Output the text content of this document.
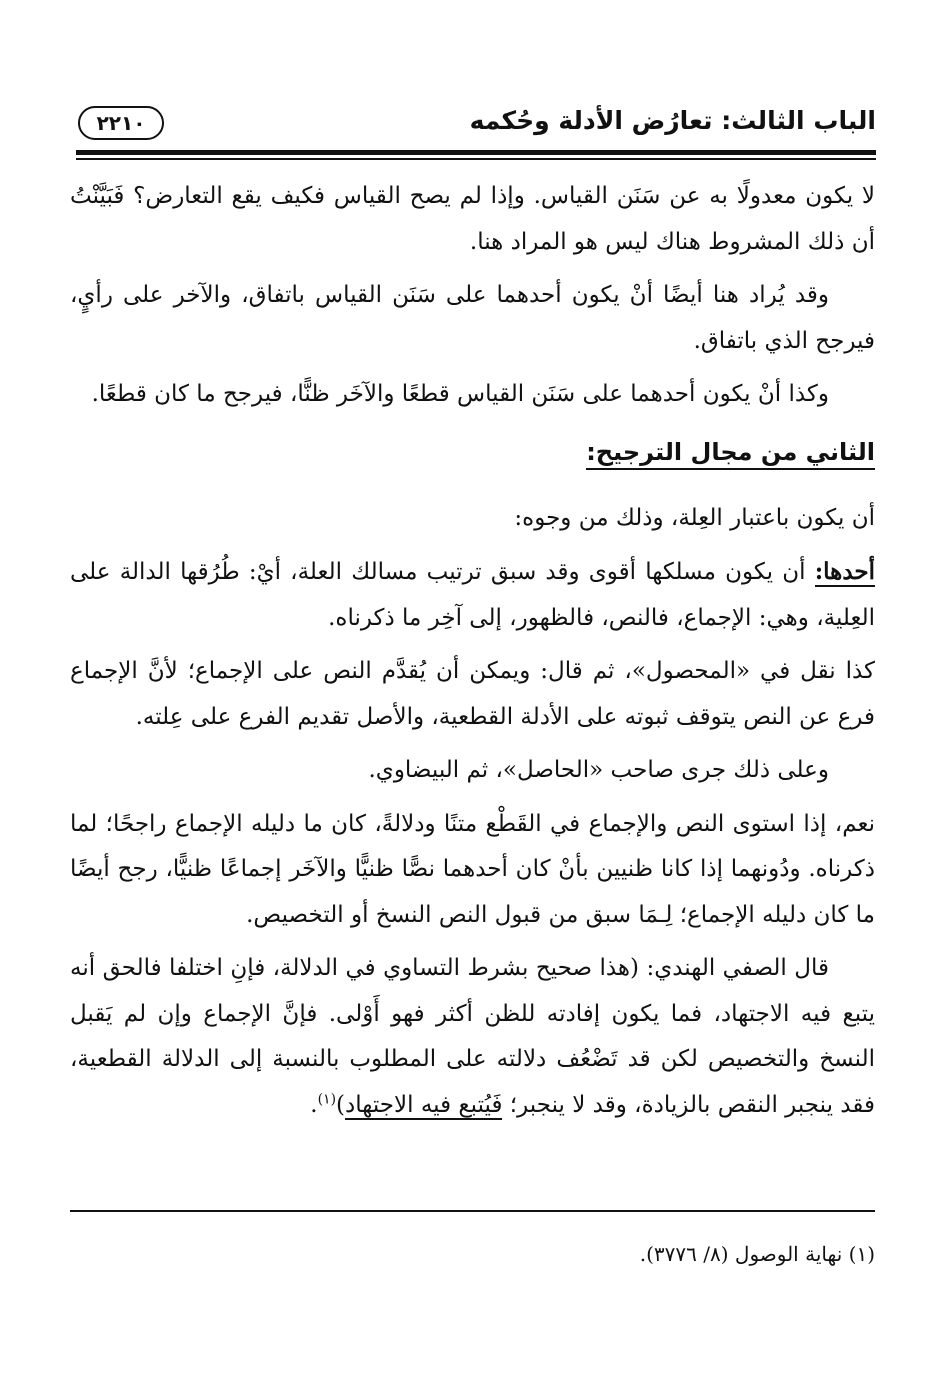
الباب الثالث: تعارُض الأدلة وحُكمه
٢٢١٠

لا يكون معدولًا به عن سَنَن القياس. وإذا لم يصح القياس فكيف يقع التعارض؟ فَبَيَّنْتُ أن ذلك المشروط هناك ليس هو المراد هنا.

وقد يُراد هنا أيضًا أنْ يكون أحدهما على سَنَن القياس باتفاق، والآخر على رأيٍ، فيرجح الذي باتفاق.

وكذا أنْ يكون أحدهما على سَنَن القياس قطعًا والآخَر ظنًّا، فيرجح ما كان قطعًا.

الثاني من مجال الترجيح:

أن يكون باعتبار العِلة، وذلك من وجوه:

أحدها: أن يكون مسلكها أقوى وقد سبق ترتيب مسالك العلة، أيْ: طُرُقها الدالة على العِلية، وهي: الإجماع، فالنص، فالظهور، إلى آخِر ما ذكرناه.

كذا نقل في «المحصول»، ثم قال: ويمكن أن يُقدَّم النص على الإجماع؛ لأنَّ الإجماع فرع عن النص يتوقف ثبوته على الأدلة القطعية، والأصل تقديم الفرع على عِلته.

وعلى ذلك جرى صاحب «الحاصل»، ثم البيضاوي.

نعم، إذا استوى النص والإجماع في القَطْع متنًا ودلالةً، كان ما دليله الإجماع راجحًا؛ لما ذكرناه. ودُونهما إذا كانا ظنيين بأنْ كان أحدهما نصًّا ظنيًّا والآخَر إجماعًا ظنيًّا، رجح أيضًا ما كان دليله الإجماع؛ لِـمَا سبق من قبول النص النسخ أو التخصيص.

قال الصفي الهندي: (هذا صحيح بشرط التساوي في الدلالة، فإنِ اختلفا فالحق أنه يتبع فيه الاجتهاد، فما يكون إفادته للظن أكثر فهو أَوْلى. فإنَّ الإجماع وإن لم يَقبل النسخ والتخصيص لكن قد تَضْعُف دلالته على المطلوب بالنسبة إلى الدلالة القطعية، فقد ينجبر النقص بالزيادة، وقد لا ينجبر؛ فَيُتبع فيه الاجتهاد)$^{(١)}$.

(١) نهاية الوصول (٨/ ٣٧٧٦).
